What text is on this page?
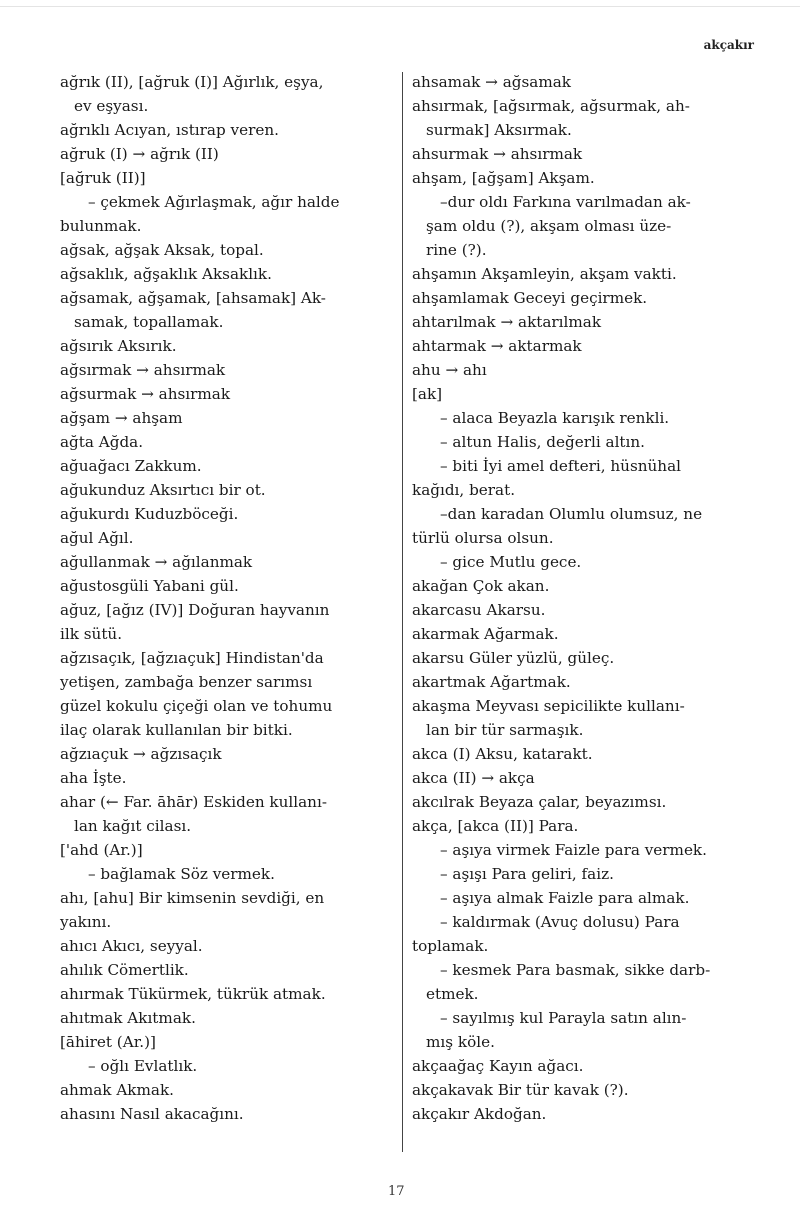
akçakır

ağrık (II), [ağruk (I)] Ağırlık, eşya,

ev eşyası.

ağrıklı Acıyan, ıstırap veren.

ağruk (I) → ağrık (II)

[ağruk (II)]

– çekmek Ağırlaşmak, ağır halde

bulunmak.

ağsak, ağşak Aksak, topal.

ağsaklık, ağşaklık Aksaklık.

ağsamak, ağşamak, [ahsamak] Ak-

samak, topallamak.

ağsırık Aksırık.

ağsırmak → ahsırmak

ağsurmak → ahsırmak

ağşam → ahşam

ağta Ağda.

ağuağacı Zakkum.

ağukunduz Aksırtıcı bir ot.

ağukurdı Kuduzböceği.

ağul Ağıl.

ağullanmak → ağılanmak

ağustosgüli Yabani gül.

ağuz, [ağız (IV)] Doğuran hayvanın

ilk sütü.

ağzısaçık, [ağzıaçuk] Hindistan'da

yetişen, zambağa benzer sarımsı

güzel kokulu çiçeği olan ve tohumu

ilaç olarak kullanılan bir bitki.

ağzıaçuk → ağzısaçık

aha İşte.

ahar (← Far. āhār) Eskiden kullanı-

lan kağıt cilası.

['ahd (Ar.)]

– bağlamak Söz vermek.

ahı, [ahu] Bir kimsenin sevdiği, en

yakını.

ahıcı Akıcı, seyyal.

ahılık Cömertlik.

ahırmak Tükürmek, tükrük atmak.

ahıtmak Akıtmak.

[āhiret (Ar.)]

– oğlı Evlatlık.

ahmak Akmak.

ahasını Nasıl akacağını.

ahsamak → ağsamak

ahsırmak, [ağsırmak, ağsurmak, ah-

surmak] Aksırmak.

ahsurmak → ahsırmak

ahşam, [ağşam] Akşam.

–dur oldı Farkına varılmadan ak-

şam oldu (?), akşam olması üze-

rine (?).

ahşamın Akşamleyin, akşam vakti.

ahşamlamak Geceyi geçirmek.

ahtarılmak → aktarılmak

ahtarmak → aktarmak

ahu → ahı

[ak]

– alaca Beyazla karışık renkli.

– altun Halis, değerli altın.

– biti İyi amel defteri, hüsnühal

kağıdı, berat.

–dan karadan Olumlu olumsuz, ne

türlü olursa olsun.

– gice Mutlu gece.

akağan Çok akan.

akarcasu Akarsu.

akarmak Ağarmak.

akarsu Güler yüzlü, güleç.

akartmak Ağartmak.

akaşma Meyvası sepicilikte kullanı-

lan bir tür sarmaşık.

akca (I) Aksu, katarakt.

akca (II) → akça

akcılrak Beyaza çalar, beyazımsı.

akça, [akca (II)] Para.

– aşıya virmek Faizle para vermek.

– aşışı Para geliri, faiz.

– aşıya almak Faizle para almak.

– kaldırmak (Avuç dolusu) Para

toplamak.

– kesmek Para basmak, sikke darb-

etmek.

– sayılmış kul Parayla satın alın-

mış köle.

akçaağaç Kayın ağacı.

akçakavak Bir tür kavak (?).

akçakır Akdoğan.

17
